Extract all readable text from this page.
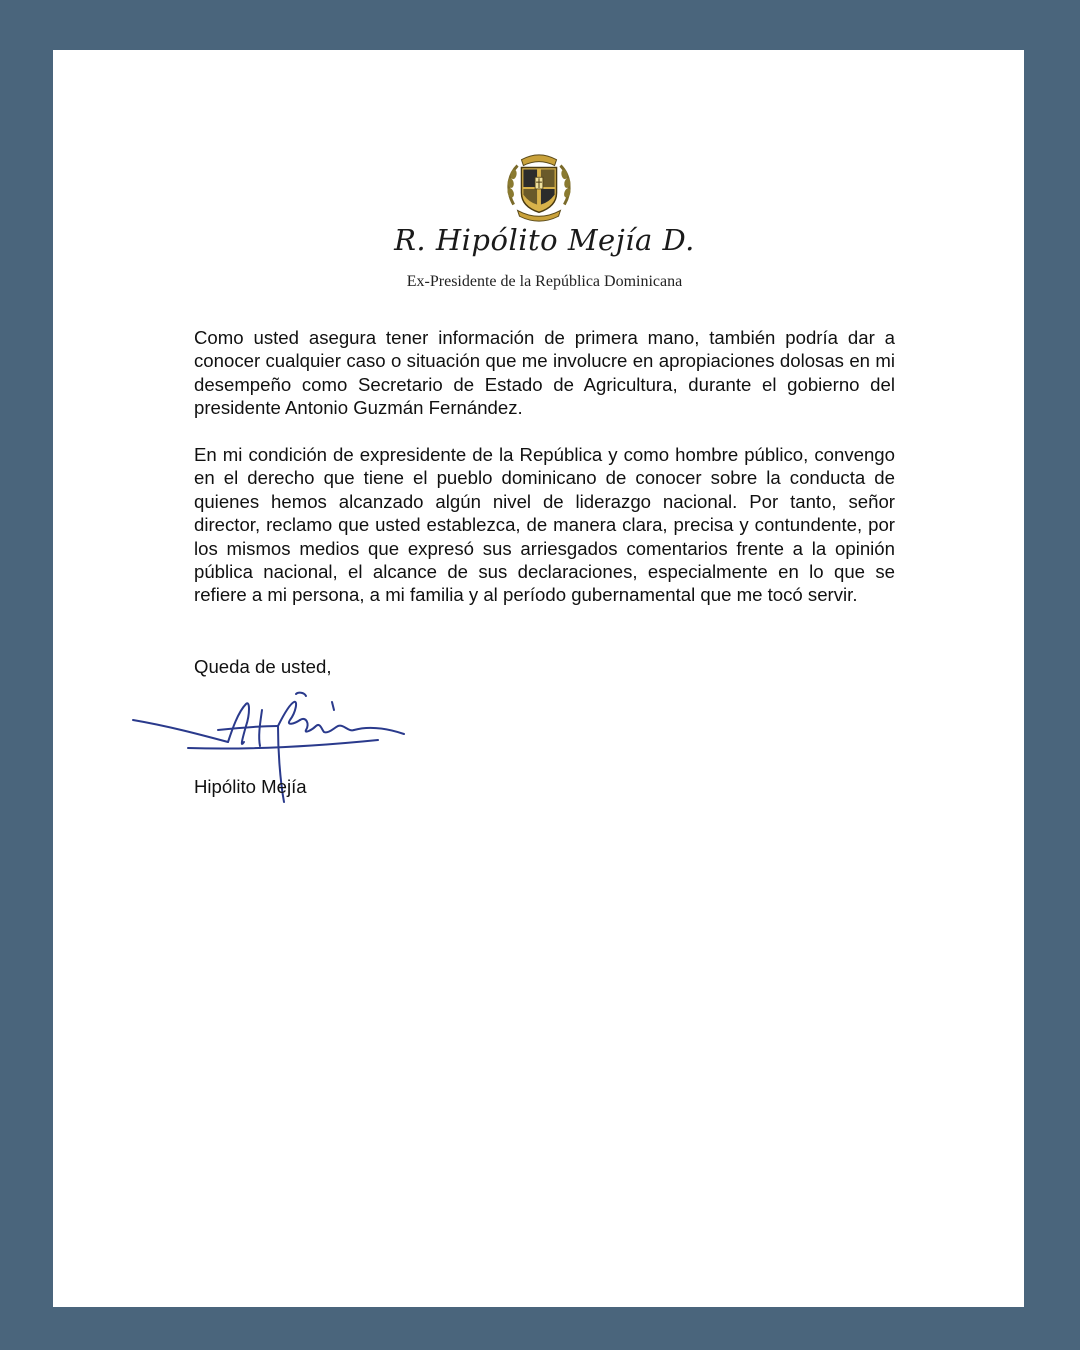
R. Hipólito Mejía D.
Ex-Presidente de la República Dominicana

Como usted asegura tener información de primera mano, también podría dar a conocer cualquier caso o situación que me involucre en apropiaciones dolosas en mi desempeño como Secretario de Estado de Agricultura, durante el gobierno del presidente Antonio Guzmán Fernández.

En mi condición de expresidente de la República y como hombre público, convengo en el derecho que tiene el pueblo dominicano de conocer sobre la conducta de quienes hemos alcanzado algún nivel de liderazgo nacional. Por tanto, señor director, reclamo que usted establezca, de manera clara, precisa y contundente, por los mismos medios que expresó sus arriesgados comentarios frente a la opinión pública nacional, el alcance de sus declaraciones, especialmente en lo que se refiere a mi persona, a mi familia y al período gubernamental que me tocó servir.

Queda de usted,
Hipólito Mejía
